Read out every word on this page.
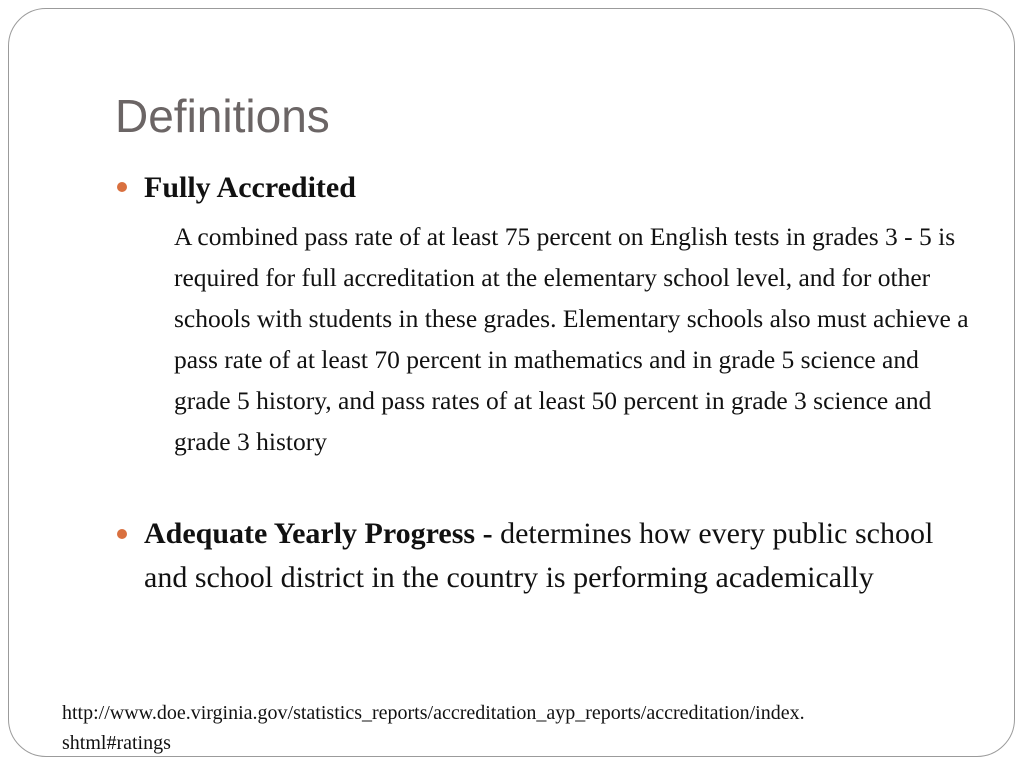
Definitions
Fully Accredited
A combined pass rate of at least 75 percent on English tests in grades 3 - 5 is required for full accreditation at the elementary school level, and for other schools with students in these grades. Elementary schools also must achieve a pass rate of at least 70 percent in mathematics and in grade 5 science and grade 5 history, and pass rates of at least 50 percent in grade 3 science and grade 3 history
Adequate Yearly Progress - determines how every public school and school district in the country is performing academically

http://www.doe.virginia.gov/statistics_reports/accreditation_ayp_reports/accreditation/index.
shtml#ratings
